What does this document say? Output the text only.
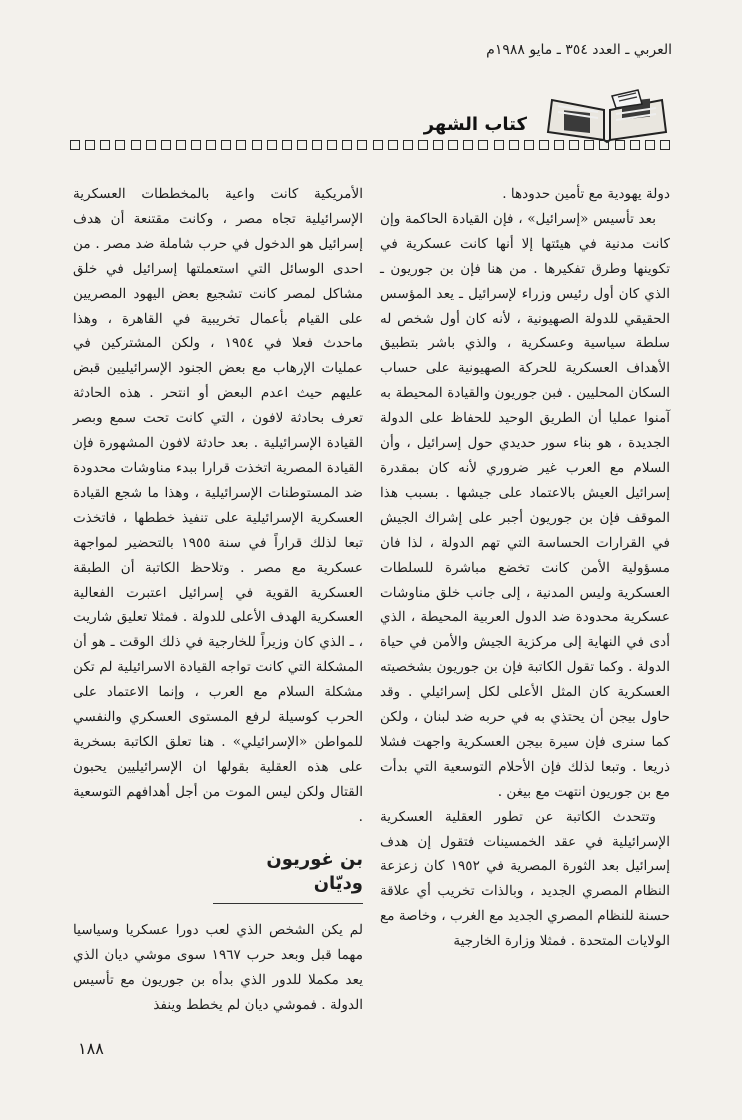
العربي ـ العدد ٣٥٤ ـ مايو ١٩٨٨م
كتاب الشهر

دولة يهودية مع تأمين حدودها .

بعد تأسيس «إسرائيل» ، فإن القيادة الحاكمة وإن كانت مدنية في هيئتها إلا أنها كانت عسكرية في تكوينها وطرق تفكيرها . من هنا فإن بن جوريون ـ الذي كان أول رئيس وزراء لإسرائيل ـ يعد المؤسس الحقيقي للدولة الصهيونية ، لأنه كان أول شخص له سلطة سياسية وعسكرية ، والذي باشر بتطبيق الأهداف العسكرية للحركة الصهيونية على حساب السكان المحليين . فبن جوريون والقيادة المحيطة به آمنوا عمليا أن الطريق الوحيد للحفاظ على الدولة الجديدة ، هو بناء سور حديدي حول إسرائيل ، وأن السلام مع العرب غير ضروري لأنه كان بمقدرة إسرائيل العيش بالاعتماد على جيشها . بسبب هذا الموقف فإن بن جوريون أجبر على إشراك الجيش في القرارات الحساسة التي تهم الدولة ، لذا فان مسؤولية الأمن كانت تخضع مباشرة للسلطات العسكرية وليس المدنية ، إلى جانب خلق مناوشات عسكرية محدودة ضد الدول العربية المحيطة ، الذي أدى في النهاية إلى مركزية الجيش والأمن في حياة الدولة . وكما تقول الكاتبة فإن بن جوريون بشخصيته العسكرية كان المثل الأعلى لكل إسرائيلي . وقد حاول بيجن أن يحتذي به في حربه ضد لبنان ، ولكن كما سنرى فإن سيرة بيجن العسكرية واجهت فشلا ذريعا . وتبعا لذلك فإن الأحلام التوسعية التي بدأت مع بن جوريون انتهت مع بيغن .

وتتحدث الكاتبة عن تطور العقلية العسكرية الإسرائيلية في عقد الخمسينات فتقول إن هدف إسرائيل بعد الثورة المصرية في ١٩٥٢ كان زعزعة النظام المصري الجديد ، وبالذات تخريب أي علاقة حسنة للنظام المصري الجديد مع الغرب ، وخاصة مع الولايات المتحدة . فمثلا وزارة الخارجية

الأمريكية كانت واعية بالمخططات العسكرية الإسرائيلية تجاه مصر ، وكانت مقتنعة أن هدف إسرائيل هو الدخول في حرب شاملة ضد مصر . من احدى الوسائل التي استعملتها إسرائيل في خلق مشاكل لمصر كانت تشجيع بعض اليهود المصريين على القيام بأعمال تخريبية في القاهرة ، وهذا ماحدث فعلا في ١٩٥٤ ، ولكن المشتركين في عمليات الإرهاب مع بعض الجنود الإسرائيليين قبض عليهم حيث اعدم البعض أو انتحر . هذه الحادثة تعرف بحادثة لافون ، التي كانت تحت سمع وبصر القيادة الإسرائيلية . بعد حادثة لافون المشهورة فإن القيادة المصرية اتخذت قرارا ببدء مناوشات محدودة ضد المستوطنات الإسرائيلية ، وهذا ما شجع القيادة العسكرية الإسرائيلية على تنفيذ خططها ، فاتخذت تبعا لذلك قراراً في سنة ١٩٥٥ بالتحضير لمواجهة عسكرية مع مصر . وتلاحظ الكاتبة أن الطبقة العسكرية القوية في إسرائيل اعتبرت الفعالية العسكرية الهدف الأعلى للدولة . فمثلا تعليق شاريت ، ـ الذي كان وزيراً للخارجية في ذلك الوقت ـ هو أن المشكلة التي كانت تواجه القيادة الاسرائيلية لم تكن مشكلة السلام مع العرب ، وإنما الاعتماد على الحرب كوسيلة لرفع المستوى العسكري والنفسي للمواطن «الإسرائيلي» . هنا تعلق الكاتبة بسخرية على هذه العقلية بقولها ان الإسرائيليين يحبون القتال ولكن ليس الموت من أجل أهدافهم التوسعية .

بن غوريون وديّان

لم يكن الشخص الذي لعب دورا عسكريا وسياسيا مهما قبل وبعد حرب ١٩٦٧ سوى موشي ديان الذي يعد مكملا للدور الذي بدأه بن جوريون مع تأسيس الدولة . فموشي ديان لم يخطط وينفذ

١٨٨
